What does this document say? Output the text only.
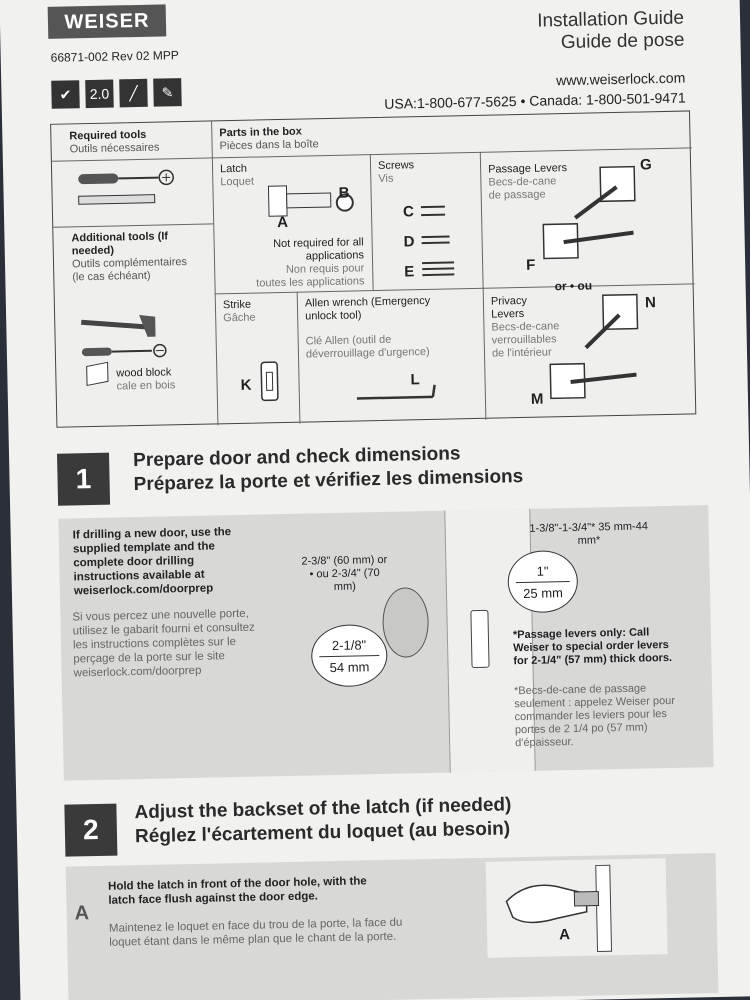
WEISER
66871-002 Rev 02 MPP
✔	2.0	╱	✎
Installation Guide
Guide de pose
www.weiserlock.com
USA:1-800-677-5625 • Canada: 1-800-501-9471
Required tools
Outils nécessaires
Parts in the box
Pièces dans la boîte
Additional tools (If needed)
Outils complémentaires (le cas échéant)
wood block
cale en bois
Latch
Loquet
A
B
Not required for all applications
Non requis pour toutes les applications
Screws
Vis
C
D
E
Passage Levers
Becs-de-cane de passage
G
F
or • ou
Strike
Gâche
K
Allen wrench (Emergency unlock tool)
Clé Allen (outil de déverrouillage d'urgence)
L
Privacy Levers
Becs-de-cane verrouillables de l'intérieur
N
M
1
Prepare door and check dimensions
Préparez la porte et vérifiez les dimensions
If drilling a new door, use the supplied template and the complete door drilling instructions available at weiserlock.com/doorprep
Si vous percez une nouvelle porte, utilisez le gabarit fourni et consultez les instructions complètes sur le perçage de la porte sur le site weiserlock.com/doorprep
2-3/8" (60 mm) or • ou 2-3/4" (70 mm)
2-1/8"
54 mm
1-3/8"-1-3/4"* 35 mm-44 mm*
1"
25 mm
*Passage levers only: Call Weiser to special order levers for 2-1/4" (57 mm) thick doors.
*Becs-de-cane de passage seulement : appelez Weiser pour commander les leviers pour les portes de 2 1/4 po (57 mm) d'épaisseur.
2
Adjust the backset of the latch (if needed)
Réglez l'écartement du loquet (au besoin)
A
Hold the latch in front of the door hole, with the latch face flush against the door edge.
Maintenez le loquet en face du trou de la porte, la face du loquet étant dans le même plan que le chant de la porte.	A
